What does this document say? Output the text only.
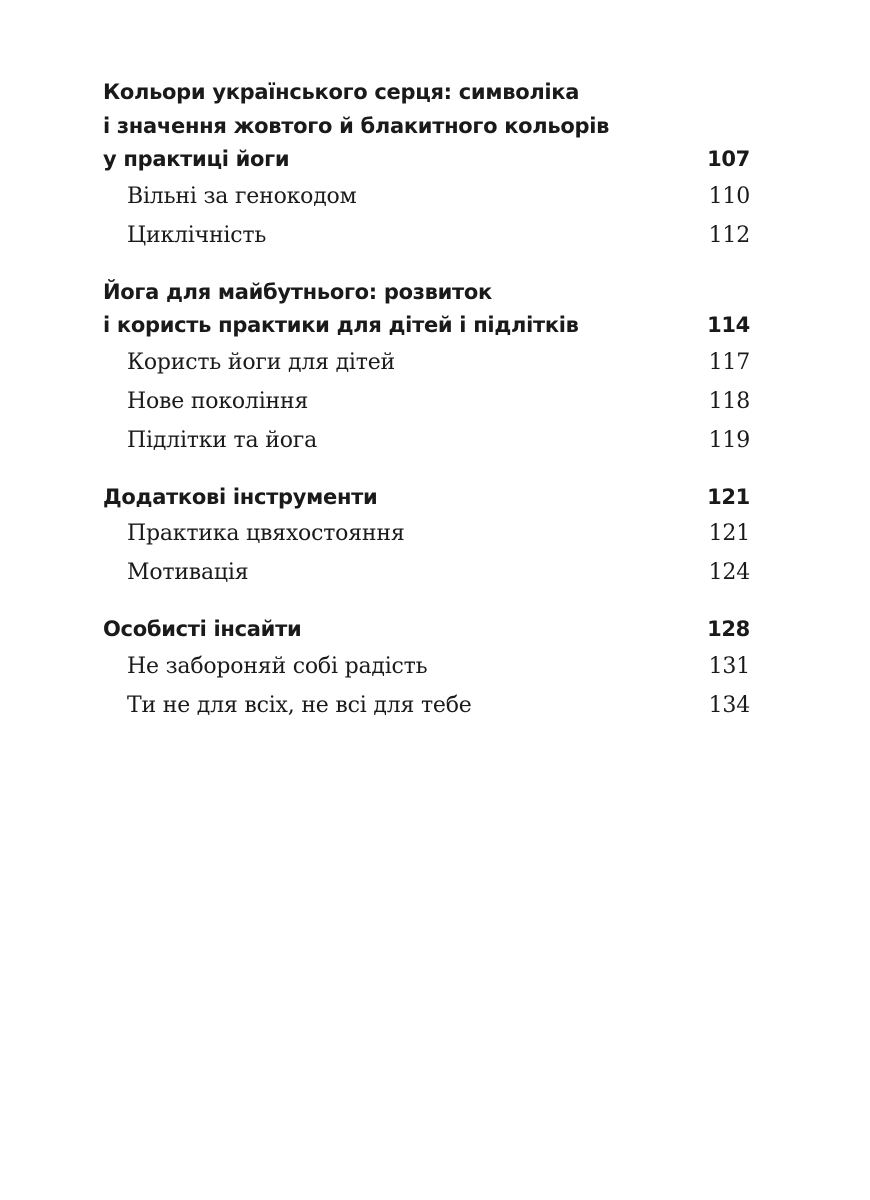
Кольори українського серця: символіка
і значення жовтого й блакитного кольорів
у практиці йоги	107
Вільні за генокодом	110
Циклічність	112
Йога для майбутнього: розвиток
і користь практики для дітей і підлітків	114
Користь йоги для дітей	117
Нове покоління	118
Підлітки та йога	119
Додаткові інструменти	121
Практика цвяхостояння	121
Мотивація	124
Особисті інсайти	128
Не забороняй собі радість	131
Ти не для всіх, не всі для тебе	134
